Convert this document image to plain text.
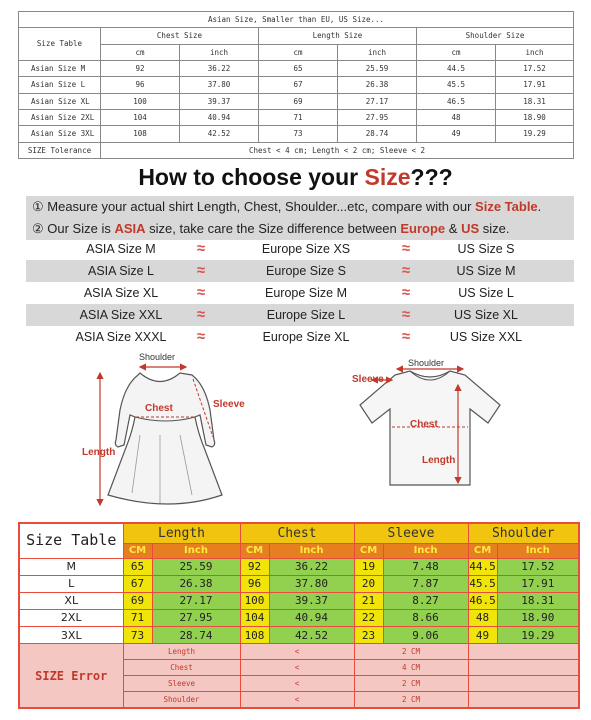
Asian Size, Smaller than EU, US Size...						
Size Table	Chest Size		Length Size		Shoulder Size	
	cm	inch	cm	inch	cm	inch
Asian Size M	92	36.22	65	25.59	44.5	17.52
Asian Size L	96	37.80	67	26.38	45.5	17.91
Asian Size XL	100	39.37	69	27.17	46.5	18.31
Asian Size 2XL	104	40.94	71	27.95	48	18.90
Asian Size 3XL	108	42.52	73	28.74	49	19.29
SIZE Tolerance	Chest < 4 cm; Length < 2 cm; Sleeve < 2					
How to choose your Size???
① Measure your actual shirt Length, Chest, Shoulder...etc, compare with our Size Table.
② Our Size is ASIA size, take care the Size difference between Europe & US size.
ASIA Size M	≈	Europe Size XS	≈	US Size S
ASIA Size L	≈	Europe Size S	≈	US Size M
ASIA Size XL	≈	Europe Size M	≈	US Size L
ASIA Size XXL	≈	Europe Size L	≈	US Size XL
ASIA Size XXXL	≈	Europe Size XL	≈	US Size XXL
Shoulder
Chest	Sleeve
Length
Shoulder
Sleeve
Chest
Length
Size Table	Length		Chest		Sleeve		Shoulder	
	CM	Inch	CM	Inch	CM	Inch	CM	Inch
M	65	25.59	92	36.22	19	7.48	44.5	17.52
L	67	26.38	96	37.80	20	7.87	45.5	17.91
XL	69	27.17	100	39.37	21	8.27	46.5	18.31
2XL	71	27.95	104	40.94	22	8.66	48	18.90
3XL	73	28.74	108	42.52	23	9.06	49	19.29
SIZE Error	Length		<		2 CM			
	Chest		<		4 CM			
	Sleeve		<		2 CM			
	Shoulder		<		2 CM			
